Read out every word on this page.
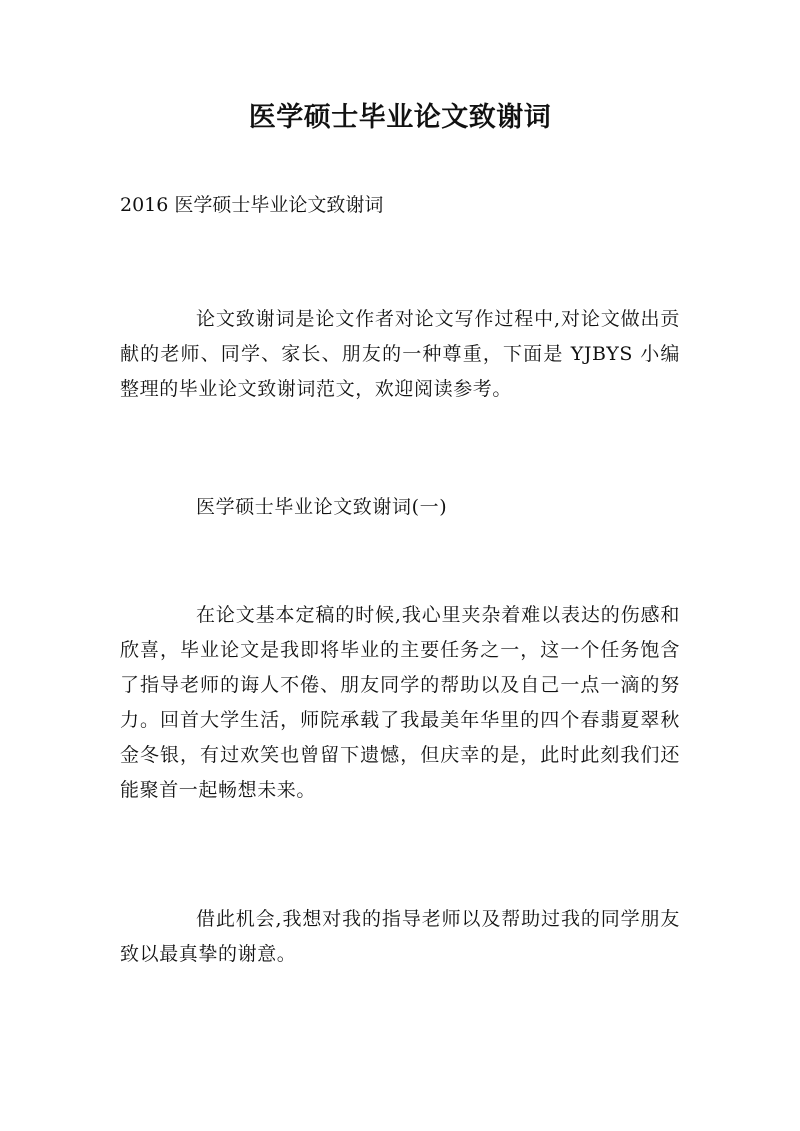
医学硕士毕业论文致谢词
2016 医学硕士毕业论文致谢词

论文致谢词是论文作者对论文写作过程中,对论文做出贡献的老师、同学、家长、朋友的一种尊重，下面是 YJBYS 小编整理的毕业论文致谢词范文，欢迎阅读参考。

医学硕士毕业论文致谢词(一)

在论文基本定稿的时候,我心里夹杂着难以表达的伤感和欣喜，毕业论文是我即将毕业的主要任务之一，这一个任务饱含了指导老师的诲人不倦、朋友同学的帮助以及自己一点一滴的努力。回首大学生活，师院承载了我最美年华里的四个春翡夏翠秋金冬银，有过欢笑也曾留下遗憾，但庆幸的是，此时此刻我们还能聚首一起畅想未来。

借此机会,我想对我的指导老师以及帮助过我的同学朋友致以最真挚的谢意。
